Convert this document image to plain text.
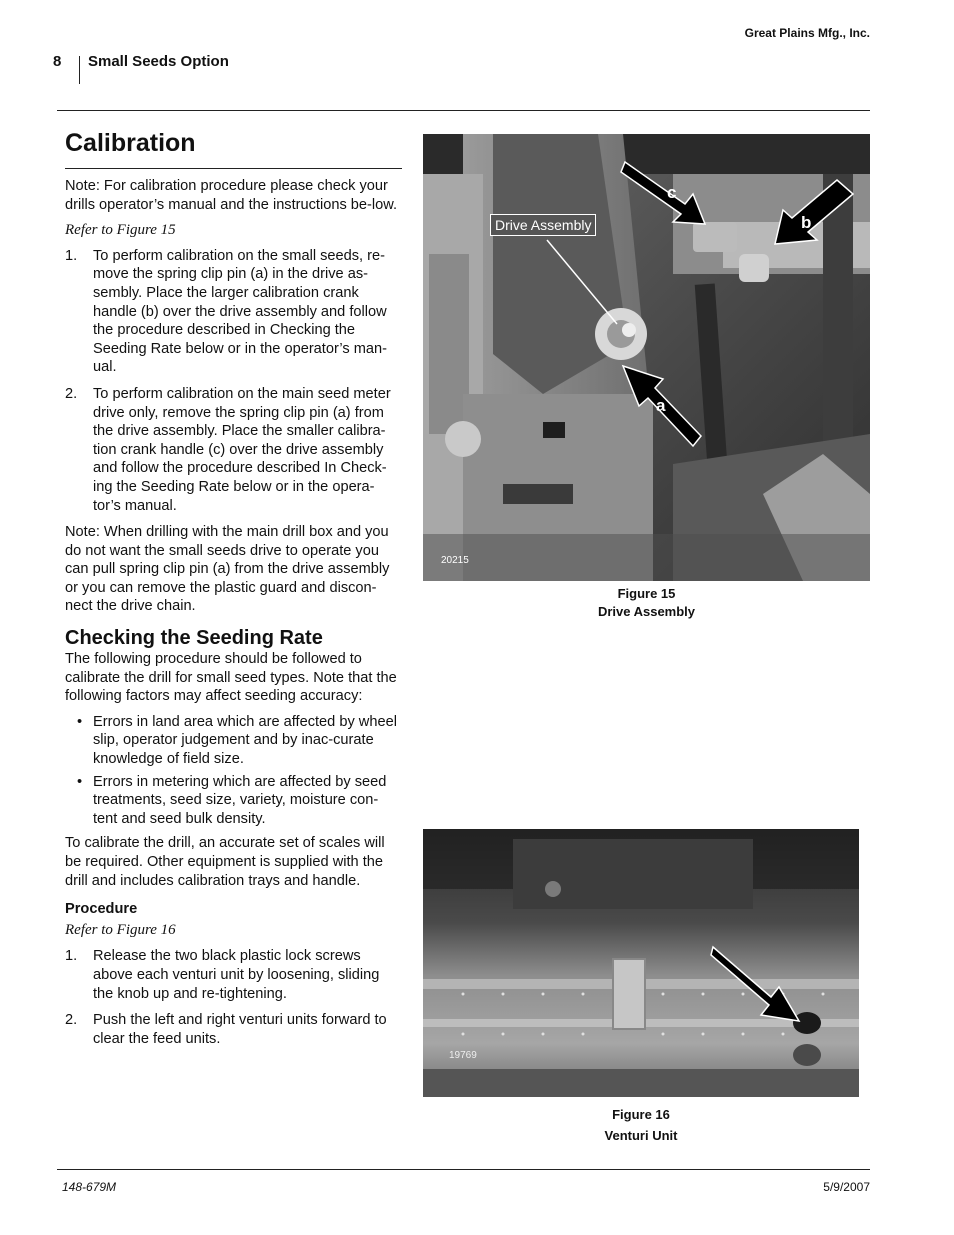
Great Plains Mfg., Inc.
8 Small Seeds Option
Calibration

Note: For calibration procedure please check your drills operator’s manual and the instructions be-low.

Refer to Figure 15

1. To perform calibration on the small seeds, re-move the spring clip pin (a) in the drive as-sembly. Place the larger calibration crank handle (b) over the drive assembly and follow the procedure described in Checking the Seeding Rate below or in the operator’s man-ual.
2. To perform calibration on the main seed meter drive only, remove the spring clip pin (a) from the drive assembly. Place the smaller calibra-tion crank handle (c) over the drive assembly and follow the procedure described In Check-ing the Seeding Rate below or in the opera-tor’s manual.

Note: When drilling with the main drill box and you do not want the small seeds drive to operate you can pull spring clip pin (a) from the drive assembly or you can remove the plastic guard and discon-nect the drive chain.

Checking the Seeding Rate

The following procedure should be followed to calibrate the drill for small seed types. Note that the following factors may affect seeding accuracy:

• Errors in land area which are affected by wheel slip, operator judgement and by inac-curate knowledge of field size.
• Errors in metering which are affected by seed treatments, seed size, variety, moisture con-tent and seed bulk density.

To calibrate the drill, an accurate set of scales will be required. Other equipment is supplied with the drill and includes calibration trays and handle.

Procedure

Refer to Figure 16

1. Release the two black plastic lock screws above each venturi unit by loosening, sliding the knob up and re-tightening.
2. Push the left and right venturi units forward to clear the feed units.
Drive Assembly
c
b
a
20215
Figure 15
Drive Assembly
19769
Figure 16
Venturi Unit
148-679M	5/9/2007
